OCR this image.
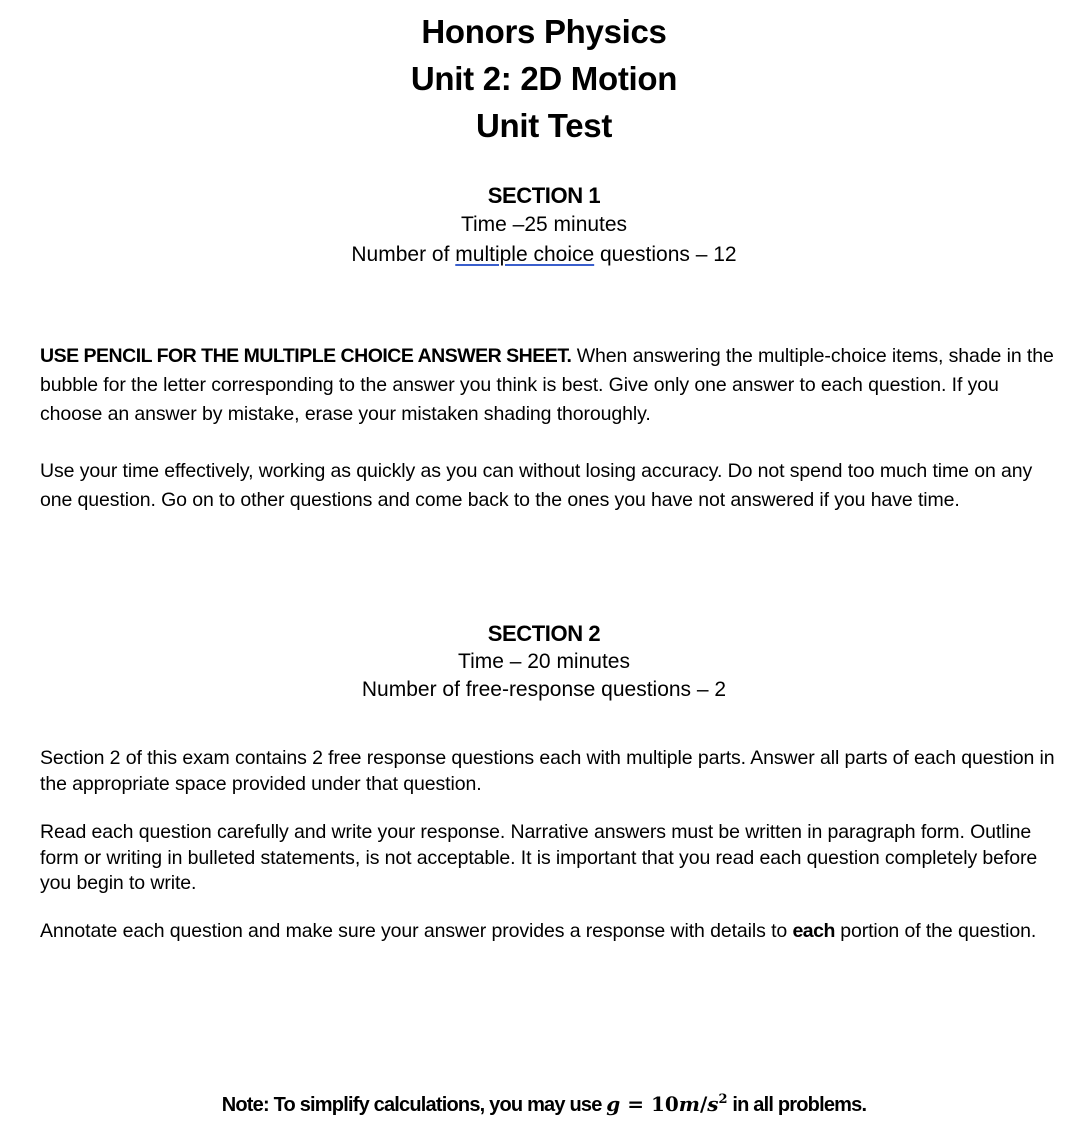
Honors Physics
Unit 2: 2D Motion
Unit Test
SECTION 1
Time –25 minutes
Number of multiple choice questions – 12
USE PENCIL FOR THE MULTIPLE CHOICE ANSWER SHEET. When answering the multiple-choice items, shade in the bubble for the letter corresponding to the answer you think is best. Give only one answer to each question. If you choose an answer by mistake, erase your mistaken shading thoroughly.
Use your time effectively, working as quickly as you can without losing accuracy. Do not spend too much time on any one question. Go on to other questions and come back to the ones you have not answered if you have time.
SECTION 2
Time – 20 minutes
Number of free-response questions – 2
Section 2 of this exam contains 2 free response questions each with multiple parts. Answer all parts of each question in the appropriate space provided under that question.
Read each question carefully and write your response. Narrative answers must be written in paragraph form. Outline form or writing in bulleted statements, is not acceptable. It is important that you read each question completely before you begin to write.
Annotate each question and make sure your answer provides a response with details to each portion of the question.
Note: To simplify calculations, you may use $g = 10m/s^2$ in all problems.
